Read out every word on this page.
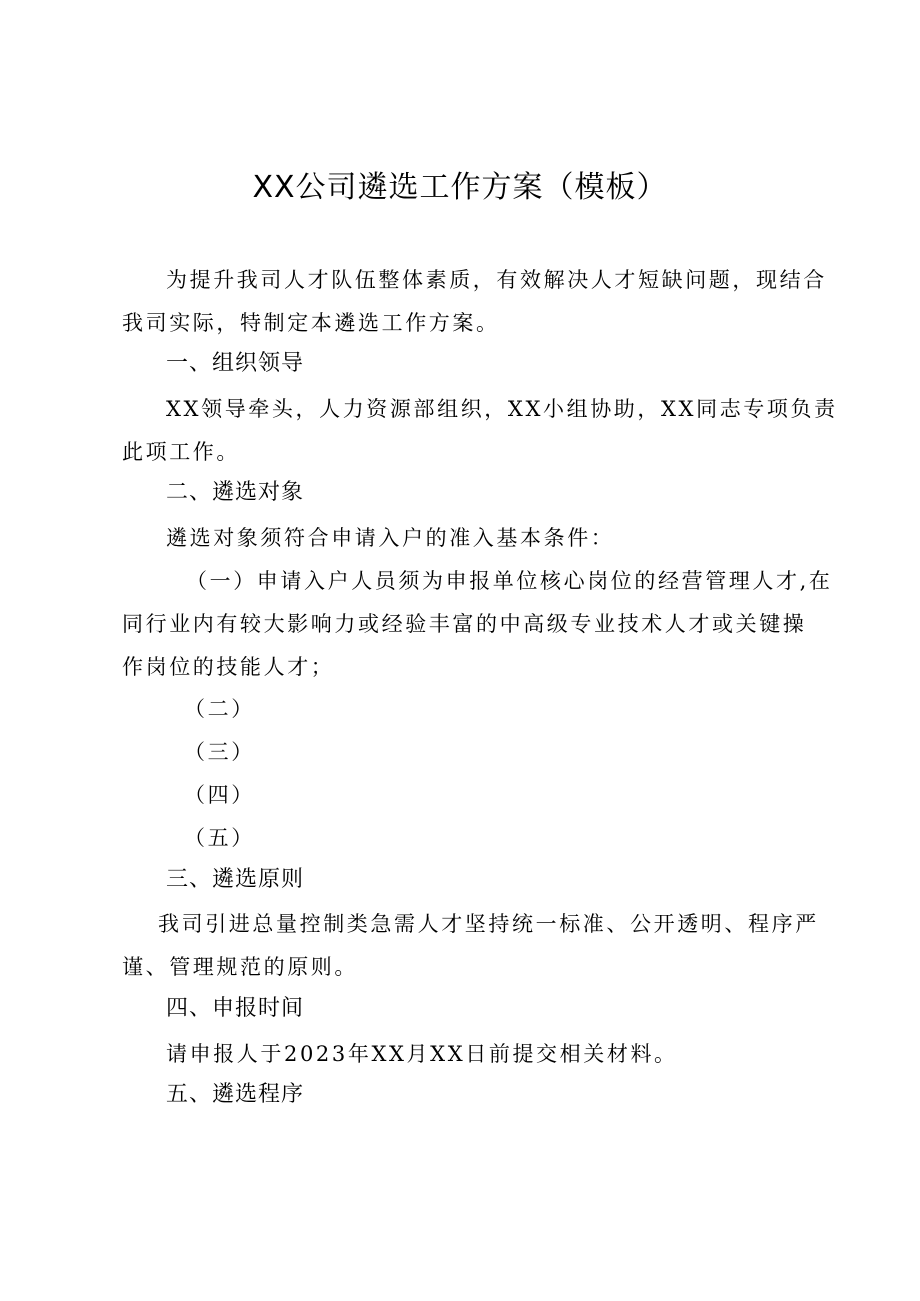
XX公司遴选工作方案（模板）

为提升我司人才队伍整体素质，有效解决人才短缺问题，现结合
我司实际，特制定本遴选工作方案。

一、组织领导

XX领导牵头，人力资源部组织，XX小组协助，XX同志专项负责
此项工作。

二、遴选对象

遴选对象须符合申请入户的准入基本条件：

（一）申请入户人员须为申报单位核心岗位的经营管理人才,在
同行业内有较大影响力或经验丰富的中高级专业技术人才或关键操
作岗位的技能人才；

（二）

（三）

（四）

（五）

三、遴选原则

我司引进总量控制类急需人才坚持统一标准、公开透明、程序严
谨、管理规范的原则。

四、申报时间

请申报人于2023年XX月XX日前提交相关材料。

五、遴选程序
